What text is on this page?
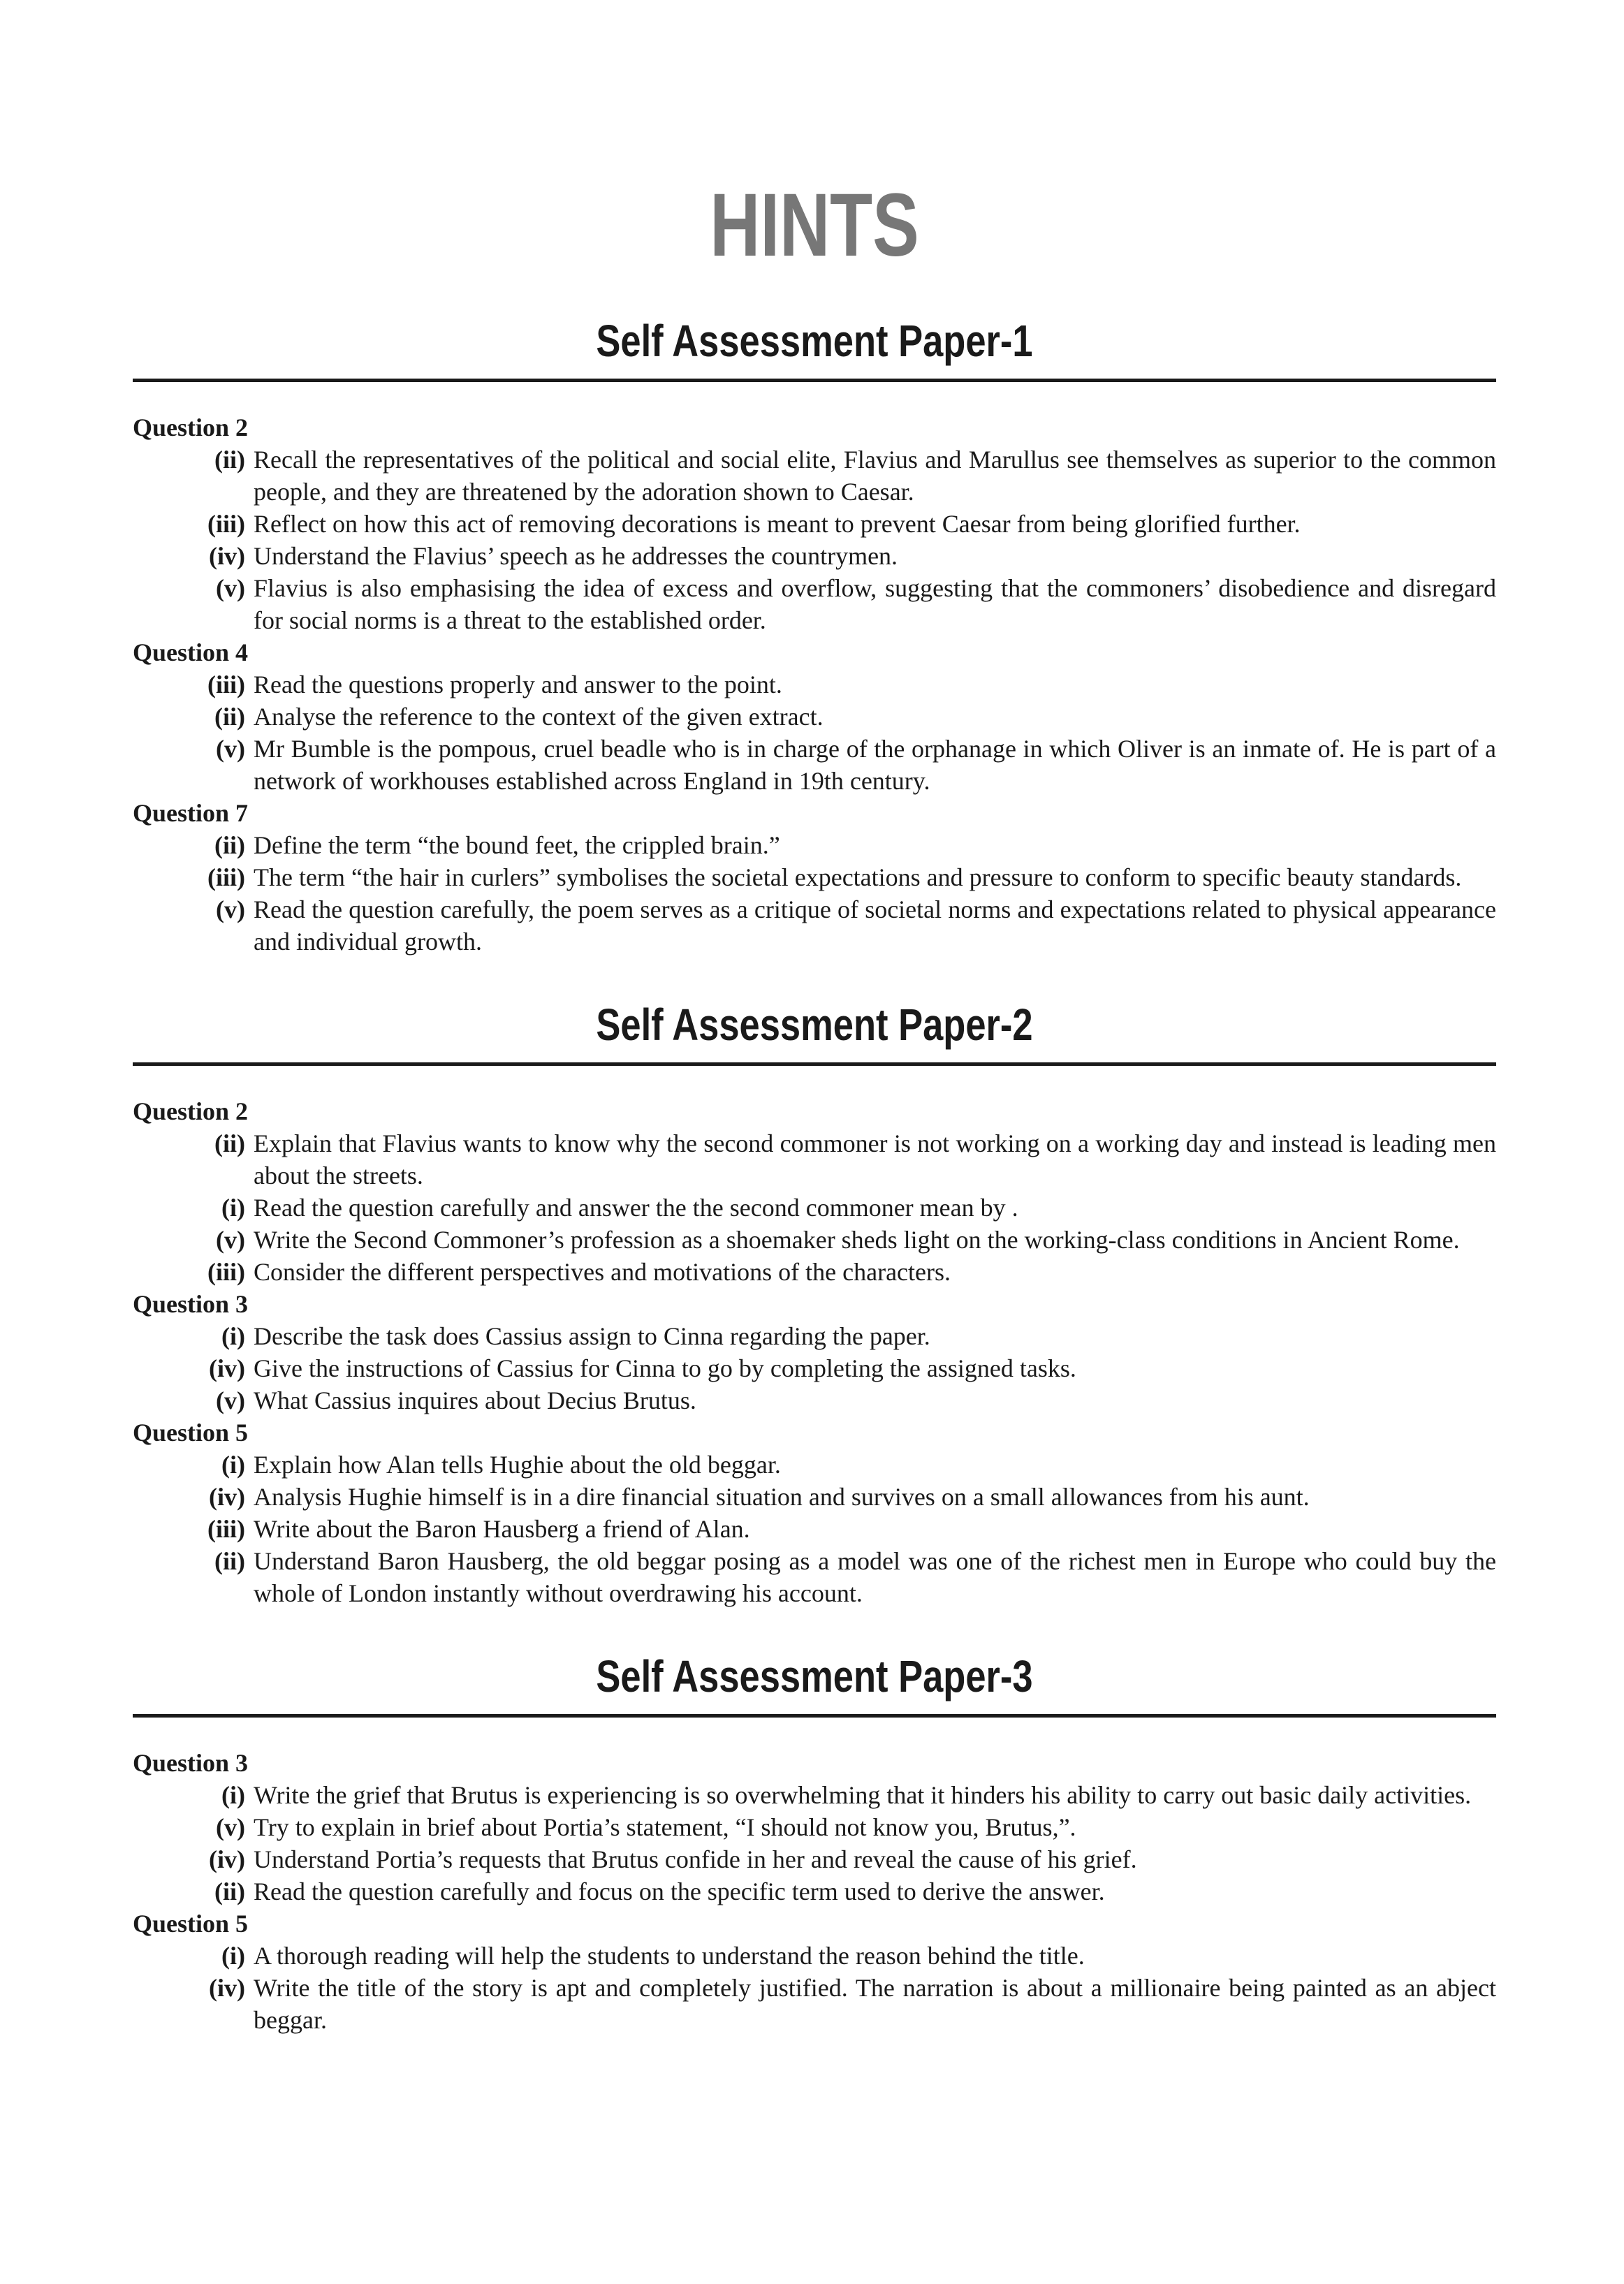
HINTS
Self Assessment Paper-1

Question 2

(ii) Recall the representatives of the political and social elite, Flavius and Marullus see themselves as superior to the common people, and they are threatened by the adoration shown to Caesar.
(iii) Reflect on how this act of removing decorations is meant to prevent Caesar from being glorified further.
(iv) Understand the Flavius’ speech as he addresses the countrymen.
(v) Flavius is also emphasising the idea of excess and overflow, suggesting that the commoners’ disobedience and disregard for social norms is a threat to the established order.

Question 4

(iii) Read the questions properly and answer to the point.
(ii) Analyse the reference to the context of the given extract.
(v) Mr Bumble is the pompous, cruel beadle who is in charge of the orphanage in which Oliver is an inmate of. He is part of a network of workhouses established across England in 19th century.

Question 7

(ii) Define the term “the bound feet, the crippled brain.”
(iii) The term “the hair in curlers” symbolises the societal expectations and pressure to conform to specific beauty standards.
(v) Read the question carefully, the poem serves as a critique of societal norms and expectations related to physical appearance and individual growth.
Self Assessment Paper-2

Question 2

(ii) Explain that Flavius wants to know why the second commoner is not working on a working day and instead is leading men about the streets.
(i) Read the question carefully and answer the the second commoner mean by .
(v) Write the Second Commoner’s profession as a shoemaker sheds light on the working-class conditions in Ancient Rome.
(iii) Consider the different perspectives and motivations of the characters.

Question 3

(i) Describe the task does Cassius assign to Cinna regarding the paper.
(iv) Give the instructions of Cassius for Cinna to go by completing the assigned tasks.
(v) What Cassius inquires about Decius Brutus.

Question 5

(i) Explain how Alan tells Hughie about the old beggar.
(iv) Analysis Hughie himself is in a dire financial situation and survives on a small allowances from his aunt.
(iii) Write about the Baron Hausberg a friend of Alan.
(ii) Understand Baron Hausberg, the old beggar posing as a model was one of the richest men in Europe who could buy the whole of London instantly without overdrawing his account.
Self Assessment Paper-3

Question 3

(i) Write the grief that Brutus is experiencing is so overwhelming that it hinders his ability to carry out basic daily activities.
(v) Try to explain in brief about Portia’s statement, “I should not know you, Brutus,”.
(iv) Understand Portia’s requests that Brutus confide in her and reveal the cause of his grief.
(ii) Read the question carefully and focus on the specific term used to derive the answer.

Question 5

(i) A thorough reading will help the students to understand the reason behind the title.
(iv) Write the title of the story is apt and completely justified. The narration is about a millionaire being painted as an abject beggar.
